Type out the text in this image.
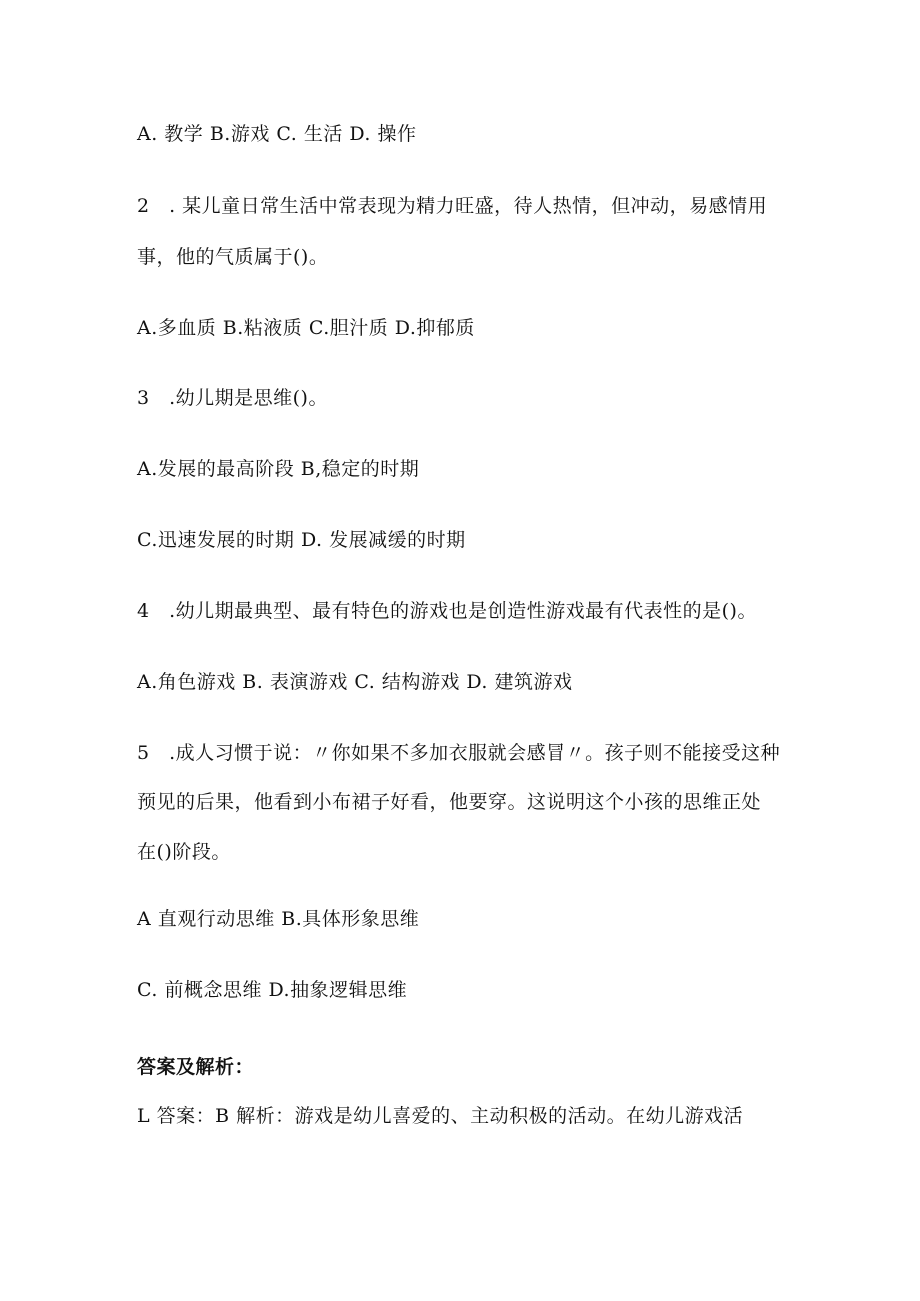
A. 教学 B.游戏 C. 生活 D. 操作

2 . 某儿童日常生活中常表现为精力旺盛，待人热情，但冲动，易感情用

事，他的气质属于()。

A.多血质 B.粘液质 C.胆汁质 D.抑郁质

3 .幼儿期是思维()。

A.发展的最高阶段 B,稳定的时期

C.迅速发展的时期 D. 发展减缓的时期

4 .幼儿期最典型、最有特色的游戏也是创造性游戏最有代表性的是()。

A.角色游戏 B. 表演游戏 C. 结构游戏 D. 建筑游戏

5 .成人习惯于说：〃你如果不多加衣服就会感冒〃。孩子则不能接受这种

预见的后果，他看到小布裙子好看，他要穿。这说明这个小孩的思维正处

在()阶段。

A 直观行动思维 B.具体形象思维

C. 前概念思维 D.抽象逻辑思维

答案及解析：

L 答案：B 解析：游戏是幼儿喜爱的、主动积极的活动。在幼儿游戏活
